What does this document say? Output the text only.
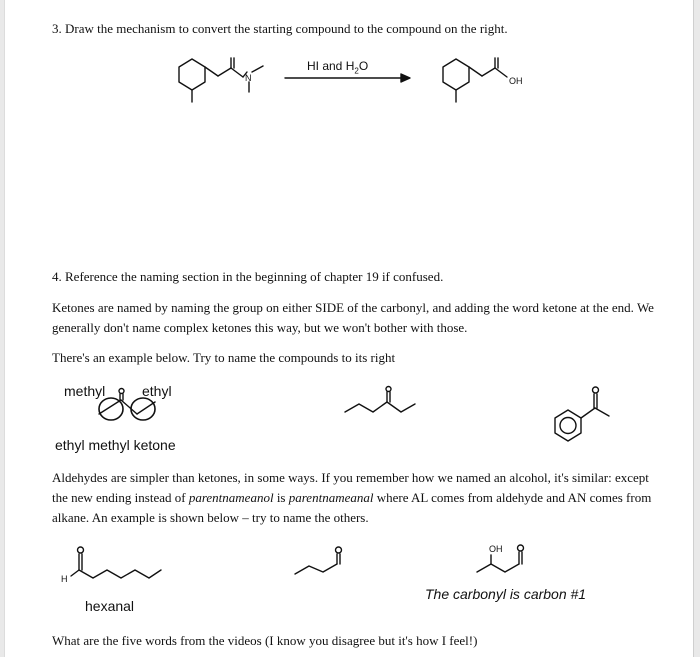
3. Draw the mechanism to convert the starting compound to the compound on the right.

N
HI and $H_2O$
OH

4. Reference the naming section in the beginning of chapter 19 if confused.

Ketones are named by naming the group on either SIDE of the carbonyl, and adding the word ketone at the end. We generally don't name complex ketones this way, but we won't bother with those.

There's an example below. Try to name the compounds to its right

methyl	ethyl
ethyl methyl ketone

Aldehydes are simpler than ketones, in some ways. If you remember how we named an alcohol, it's similar: except the new ending instead of parentnameanol is parentnameanal where AL comes from aldehyde and AN comes from alkane. An example is shown below – try to name the others.

H
hexanal
OH
The carbonyl is carbon #1

What are the five words from the videos (I know you disagree but it's how I feel!)
